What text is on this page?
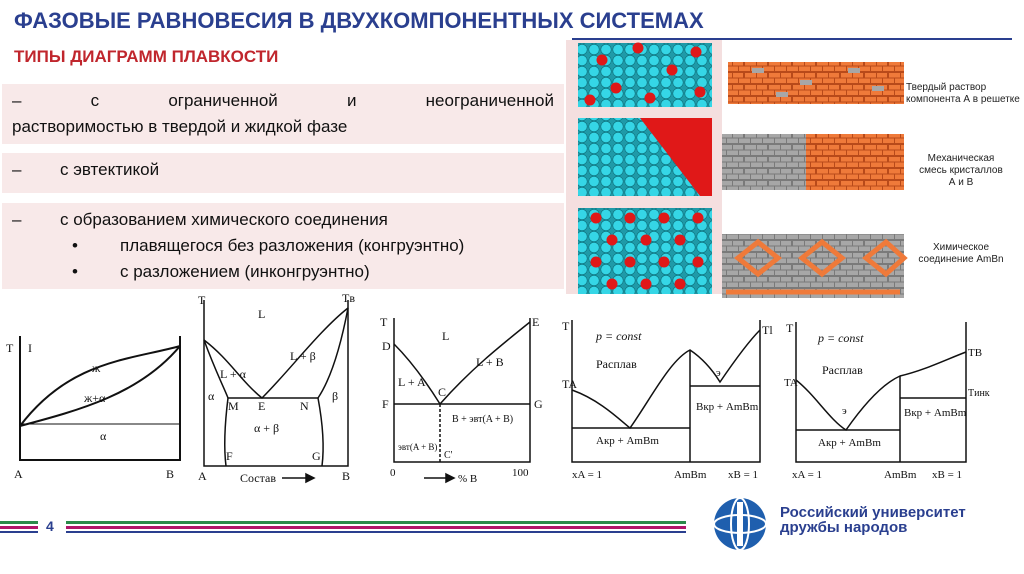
ФАЗОВЫЕ РАВНОВЕСИЯ В ДВУХКОМПОНЕНТНЫХ СИСТЕМАХ
ТИПЫ ДИАГРАММ ПЛАВКОСТИ
–	с	ограниченной	и	неограниченной
растворимостью в твердой и жидкой фазе
– с эвтектикой
– с образованием химического соединения
• плавящегося без разложения (конгруэнтно)
• с разложением (инконгруэнтно)
Твердый раствор
компонента А в решетке
Механическая
смесь кристаллов
А и В
Химическое
соединение AmBn
T I
ж
ж+α
α
A	B
T	Tв
L
L + β
L + α
α	β
M E	N
α + β
F	G
A	B
Состав
T	E
D
L
L + A
L + B
C
F	G
B + эвт(A + B)
эвт(A + B)
C'
0	100
% B
T	Tl
TA
p = const
Расплав
э
Aкр + AmBm
Bкр + AmBm
xA = 1	AmBm xB = 1
T
TB
TA
Tинк
p = const
Расплав
э
Aкр + AmBm
Bкр + AmBm
xA = 1	AmBm xB = 1
4
Российский университет
дружбы народов
